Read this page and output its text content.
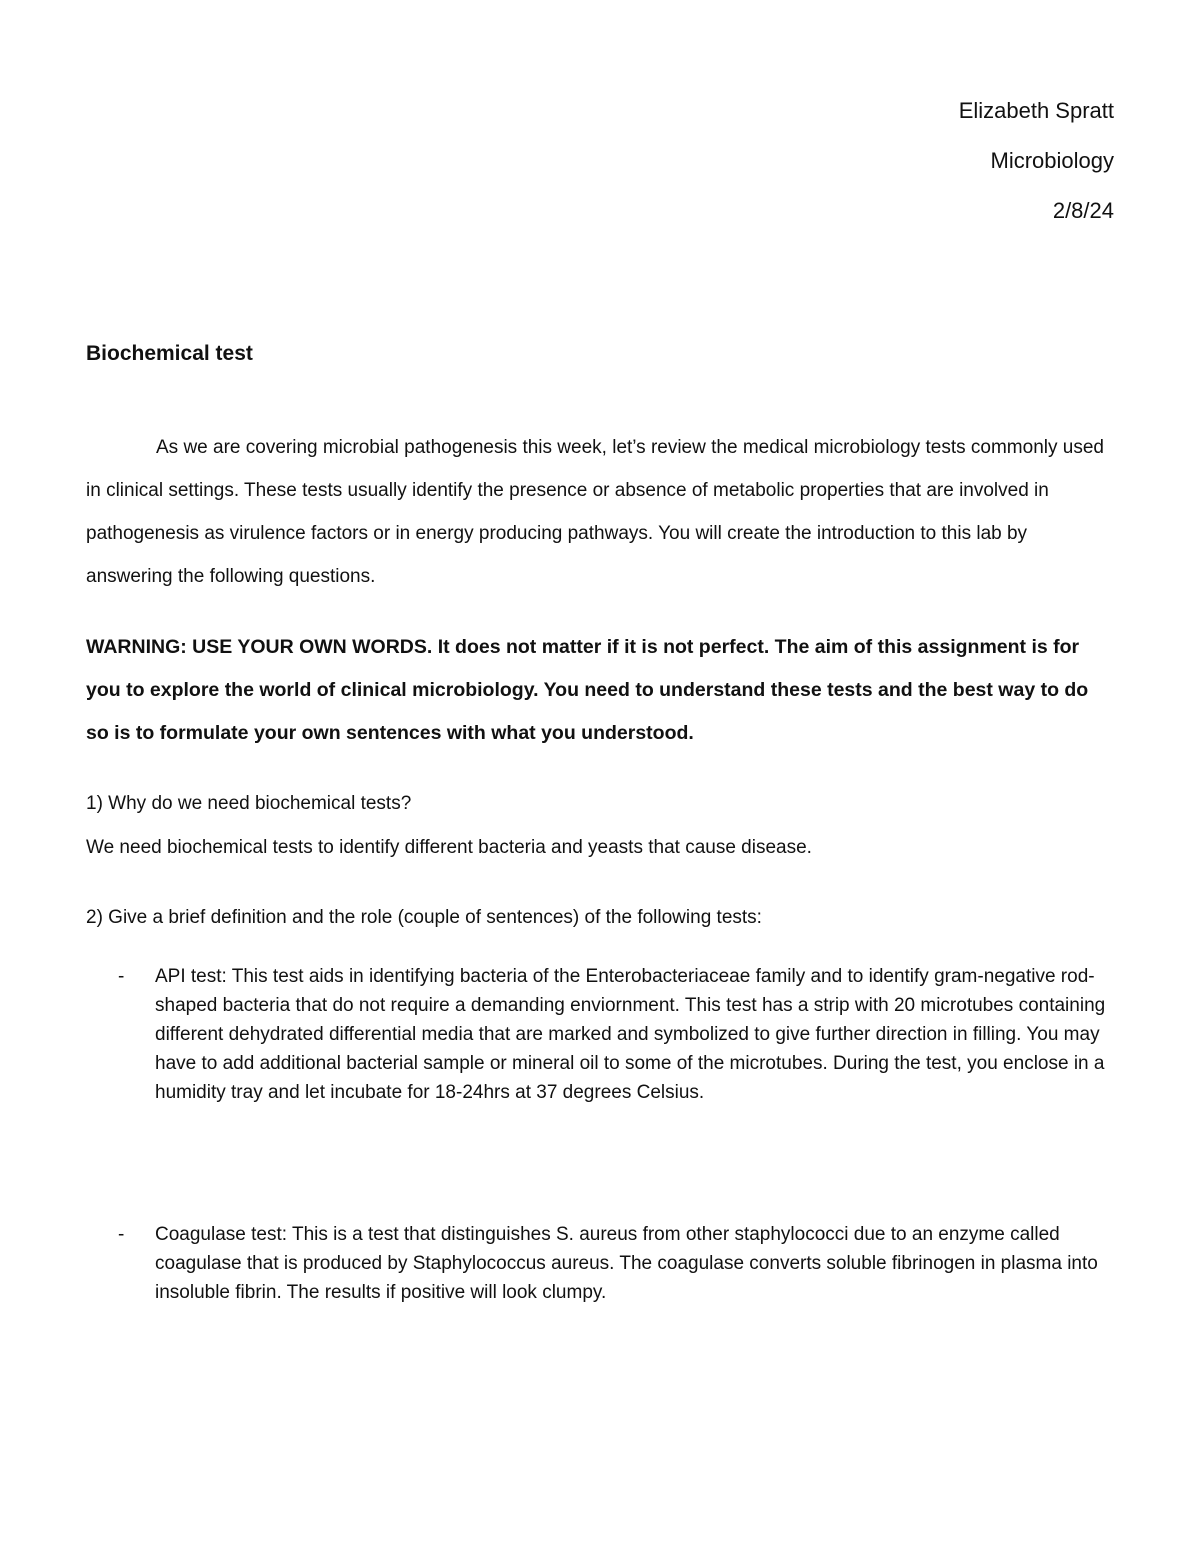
Elizabeth Spratt
Microbiology
2/8/24
Biochemical test

As we are covering microbial pathogenesis this week, let’s review the medical microbiology tests commonly used in clinical settings. These tests usually identify the presence or absence of metabolic properties that are involved in pathogenesis as virulence factors or in energy producing pathways. You will create the introduction to this lab by answering the following questions.

WARNING: USE YOUR OWN WORDS. It does not matter if it is not perfect. The aim of this assignment is for you to explore the world of clinical microbiology. You need to understand these tests and the best way to do so is to formulate your own sentences with what you understood.

1) Why do we need biochemical tests?

We need biochemical tests to identify different bacteria and yeasts that cause disease.

2) Give a brief definition and the role (couple of sentences) of the following tests:

- API test: This test aids in identifying bacteria of the Enterobacteriaceae family and to identify gram-negative rod-shaped bacteria that do not require a demanding enviornment. This test has a strip with 20 microtubes containing different dehydrated differential media that are marked and symbolized to give further direction in filling. You may have to add additional bacterial sample or mineral oil to some of the microtubes. During the test, you enclose in a humidity tray and let incubate for 18-24hrs at 37 degrees Celsius.

- Coagulase test: This is a test that distinguishes S. aureus from other staphylococci due to an enzyme called coagulase that is produced by Staphylococcus aureus. The coagulase converts soluble fibrinogen in plasma into insoluble fibrin. The results if positive will look clumpy.
